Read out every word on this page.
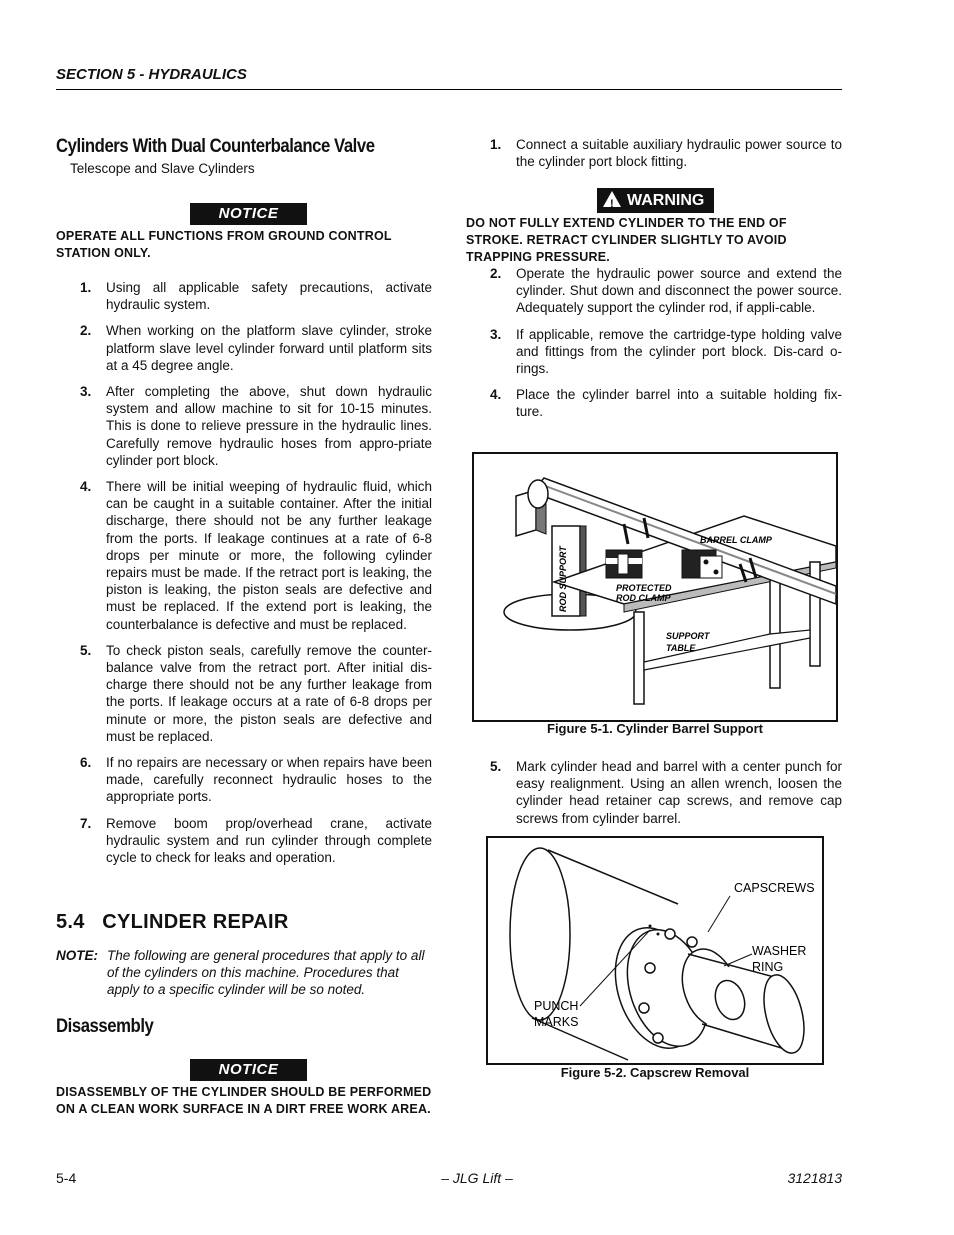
SECTION 5 - HYDRAULICS
Cylinders With Dual Counterbalance Valve
Telescope and Slave Cylinders
NOTICE
OPERATE ALL FUNCTIONS FROM GROUND CONTROL STATION ONLY.
1. Using all applicable safety precautions, activate hydraulic system.
2. When working on the platform slave cylinder, stroke platform slave level cylinder forward until platform sits at a 45 degree angle.
3. After completing the above, shut down hydraulic system and allow machine to sit for 10-15 minutes. This is done to relieve pressure in the hydraulic lines. Carefully remove hydraulic hoses from appro-priate cylinder port block.
4. There will be initial weeping of hydraulic fluid, which can be caught in a suitable container. After the initial discharge, there should not be any further leakage from the ports. If leakage continues at a rate of 6-8 drops per minute or more, the following cylinder repairs must be made. If the retract port is leaking, the piston is leaking, the piston seals are defective and must be replaced. If the extend port is leaking, the counterbalance is defective and must be replaced.
5. To check piston seals, carefully remove the counter-balance valve from the retract port. After initial dis-charge there should not be any further leakage from the ports. If leakage occurs at a rate of 6-8 drops per minute or more, the piston seals are defective and must be replaced.
6. If no repairs are necessary or when repairs have been made, carefully reconnect hydraulic hoses to the appropriate ports.
7. Remove boom prop/overhead crane, activate hydraulic system and run cylinder through complete cycle to check for leaks and operation.
5.4   CYLINDER REPAIR
NOTE: The following are general procedures that apply to all of the cylinders on this machine. Procedures that apply to a specific cylinder will be so noted.
Disassembly
NOTICE
DISASSEMBLY OF THE CYLINDER SHOULD BE PERFORMED ON A CLEAN WORK SURFACE IN A DIRT FREE WORK AREA.
1. Connect a suitable auxiliary hydraulic power source to the cylinder port block fitting.
! WARNING
DO NOT FULLY EXTEND CYLINDER TO THE END OF STROKE. RETRACT CYLINDER SLIGHTLY TO AVOID TRAPPING PRESSURE.
2. Operate the hydraulic power source and extend the cylinder. Shut down and disconnect the power source. Adequately support the cylinder rod, if appli-cable.
3. If applicable, remove the cartridge-type holding valve and fittings from the cylinder port block. Dis-card o-rings.
4. Place the cylinder barrel into a suitable holding fix-ture.
BARREL CLAMP
PROTECTED
ROD CLAMP
SUPPORT
TABLE
ROD SUPPORT
Figure 5-1. Cylinder Barrel Support
5. Mark cylinder head and barrel with a center punch for easy realignment. Using an allen wrench, loosen the cylinder head retainer cap screws, and remove cap screws from cylinder barrel.
CAPSCREWS
WASHER
RING
PUNCH
MARKS
Figure 5-2. Capscrew Removal
5-4	– JLG Lift –	3121813
